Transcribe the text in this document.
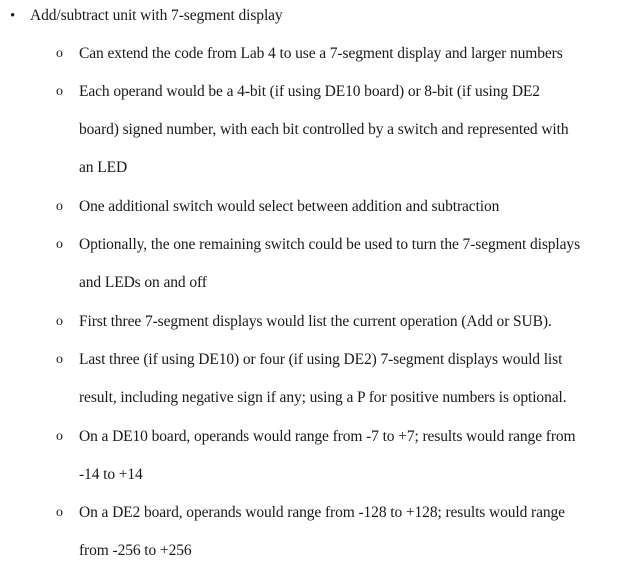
• Add/subtract unit with 7-segment display
o Can extend the code from Lab 4 to use a 7-segment display and larger numbers
o Each operand would be a 4-bit (if using DE10 board) or 8-bit (if using DE2
board) signed number, with each bit controlled by a switch and represented with
an LED
o One additional switch would select between addition and subtraction
o Optionally, the one remaining switch could be used to turn the 7-segment displays
and LEDs on and off
o First three 7-segment displays would list the current operation (Add or SUB).
o Last three (if using DE10) or four (if using DE2) 7-segment displays would list
result, including negative sign if any; using a P for positive numbers is optional.
o On a DE10 board, operands would range from -7 to +7; results would range from
-14 to +14
o On a DE2 board, operands would range from -128 to +128; results would range
from -256 to +256
